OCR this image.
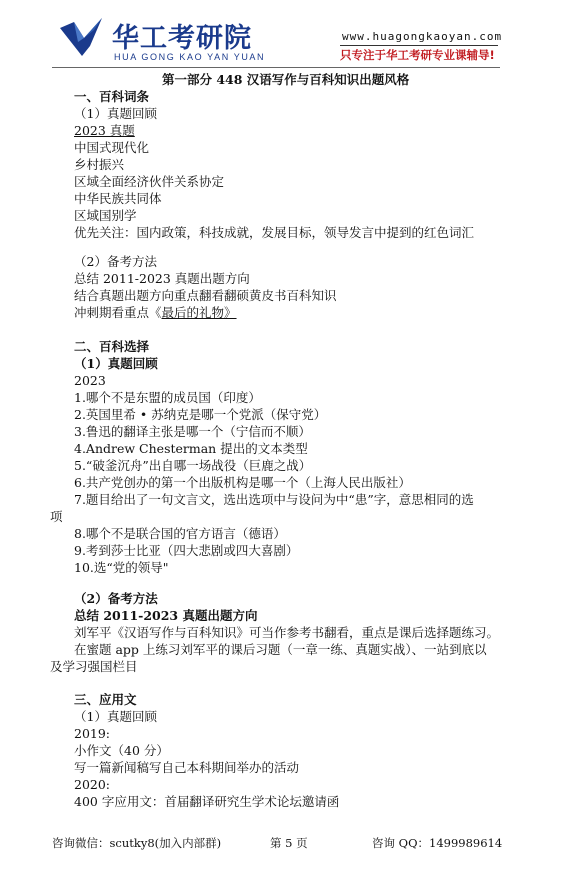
华工考研院
HUA GONG KAO YAN YUAN
www.huagongkaoyan.com
只专注于华工考研专业课辅导!
第一部分 448 汉语写作与百科知识出题风格
一、百科词条
（1）真题回顾
2023 真题
中国式现代化
乡村振兴
区域全面经济伙伴关系协定
中华民族共同体
区域国别学
优先关注：国内政策，科技成就，发展目标，领导发言中提到的红色词汇
（2）备考方法
总结 2011-2023 真题出题方向
结合真题出题方向重点翻看翻硕黄皮书百科知识
冲刺期看重点《最后的礼物》
二、百科选择
（1）真题回顾
2023
1.哪个不是东盟的成员国（印度）
2.英国里希 • 苏纳克是哪一个党派（保守党）
3.鲁迅的翻译主张是哪一个（宁信而不顺）
4.Andrew Chesterman 提出的文本类型
5.“破釜沉舟”出自哪一场战役（巨鹿之战）
6.共产党创办的第一个出版机构是哪一个（上海人民出版社）
7.题目给出了一句文言文，选出选项中与设问为中“患”字，意思相同的选
项
8.哪个不是联合国的官方语言（德语）
9.考到莎士比亚（四大悲剧或四大喜剧）
10.选“党的领导"
（2）备考方法
总结 2011-2023 真题出题方向
刘军平《汉语写作与百科知识》可当作参考书翻看，重点是课后选择题练习。
在蜜题 app 上练习刘军平的课后习题（一章一练、真题实战）、一站到底以
及学习强国栏目
三、应用文
（1）真题回顾
2019:
小作文（40 分）
写一篇新闻稿写自己本科期间举办的活动
2020:
400 字应用文：首届翻译研究生学术论坛邀请函
咨询微信：scutky8(加入内部群)	第 5 页	咨询 QQ：1499989614
